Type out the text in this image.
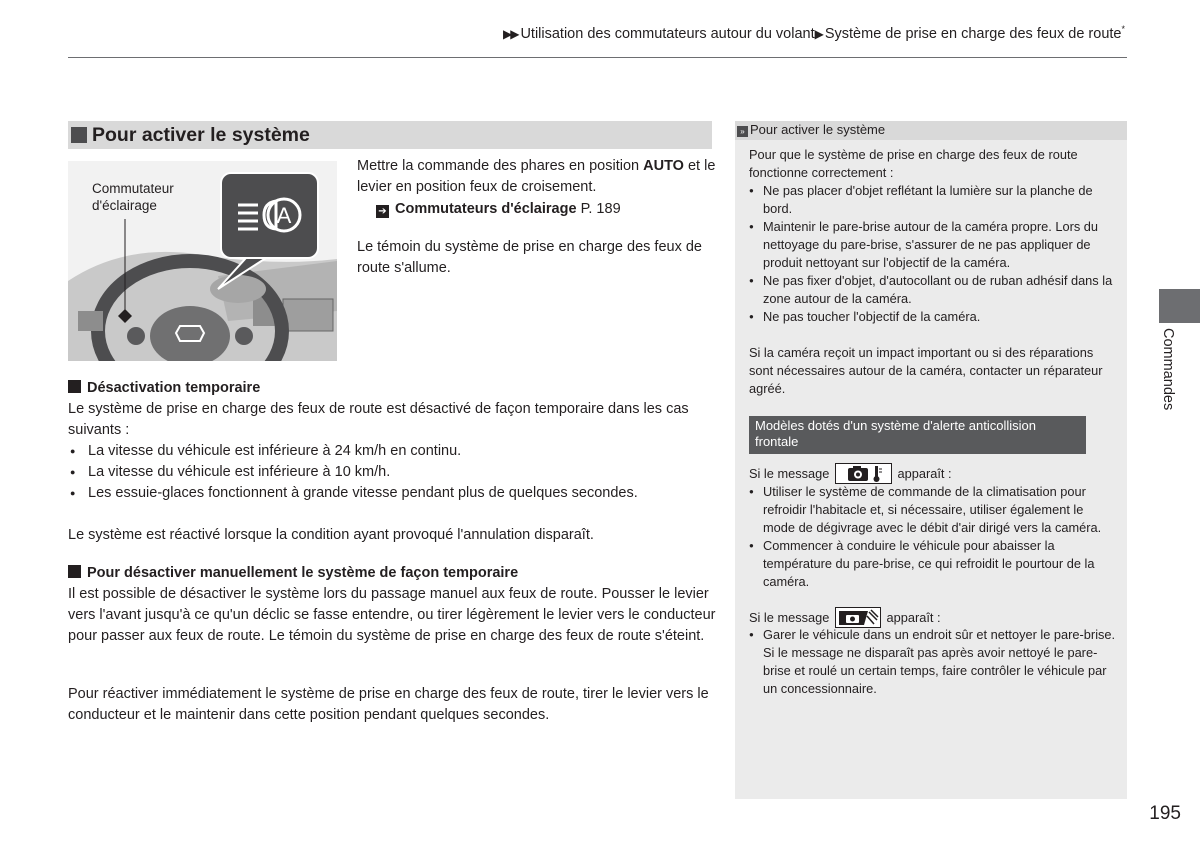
▶▶ Utilisation des commutateurs autour du volant▶ Système de prise en charge des feux de route*
Pour activer le système
A
Commutateur
d'éclairage
Mettre la commande des phares en position AUTO et le levier en position feux de croisement.
➔ Commutateurs d'éclairage P. 189
Le témoin du système de prise en charge des feux de route s'allume.
Désactivation temporaire
Le système de prise en charge des feux de route est désactivé de façon temporaire dans les cas suivants :
● La vitesse du véhicule est inférieure à 24 km/h en continu.
● La vitesse du véhicule est inférieure à 10 km/h.
● Les essuie-glaces fonctionnent à grande vitesse pendant plus de quelques secondes.
Le système est réactivé lorsque la condition ayant provoqué l'annulation disparaît.
Pour désactiver manuellement le système de façon temporaire
Il est possible de désactiver le système lors du passage manuel aux feux de route. Pousser le levier vers l'avant jusqu'à ce qu'un déclic se fasse entendre, ou tirer légèrement le levier vers le conducteur pour passer aux feux de route. Le témoin du système de prise en charge des feux de route s'éteint.
Pour réactiver immédiatement le système de prise en charge des feux de route, tirer le levier vers le conducteur et le maintenir dans cette position pendant quelques secondes.
» Pour activer le système
Pour que le système de prise en charge des feux de route fonctionne correctement :
● Ne pas placer d'objet reflétant la lumière sur la planche de bord.
● Maintenir le pare-brise autour de la caméra propre. Lors du nettoyage du pare-brise, s'assurer de ne pas appliquer de produit nettoyant sur l'objectif de la caméra.
● Ne pas fixer d'objet, d'autocollant ou de ruban adhésif dans la zone autour de la caméra.
● Ne pas toucher l'objectif de la caméra.
Si la caméra reçoit un impact important ou si des réparations sont nécessaires autour de la caméra, contacter un réparateur agréé.
Modèles dotés d'un système d'alerte anticollision frontale
Si le message	apparaît :
● Utiliser le système de commande de la climatisation pour refroidir l'habitacle et, si nécessaire, utiliser également le mode de dégivrage avec le débit d'air dirigé vers la caméra.
● Commencer à conduire le véhicule pour abaisser la température du pare-brise, ce qui refroidit le pourtour de la caméra.
Si le message	apparaît :
● Garer le véhicule dans un endroit sûr et nettoyer le pare-brise. Si le message ne disparaît pas après avoir nettoyé le pare-brise et roulé un certain temps, faire contrôler le véhicule par un concessionnaire.
Commandes
195
